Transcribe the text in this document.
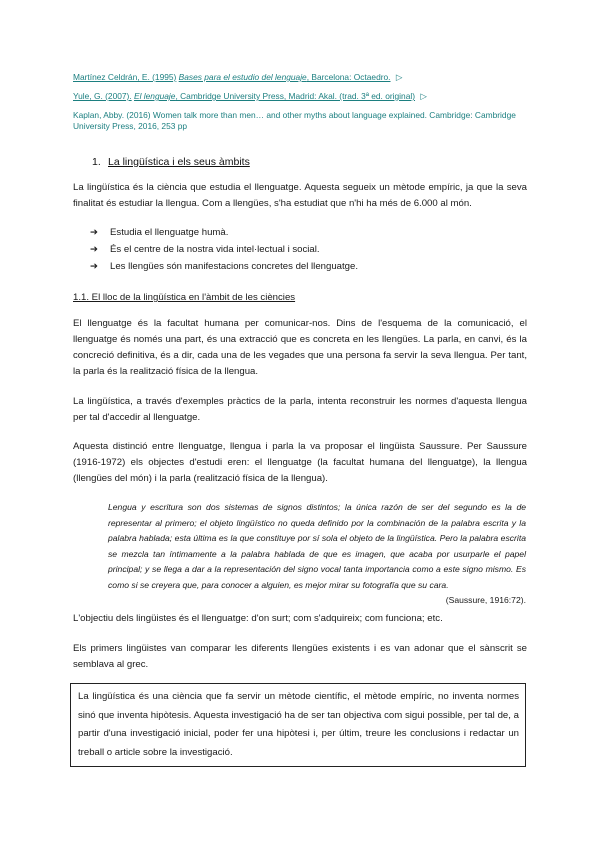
Martínez Celdrán, E. (1995) Bases para el estudio del lenguaje, Barcelona: Octaedro. ▷
Yule, G. (2007). El lenguaje, Cambridge University Press, Madrid: Akal. (trad. 3ª ed. original) ▷
Kaplan, Abby. (2016) Women talk more than men… and other myths about language explained. Cambridge: Cambridge University Press, 2016, 253 pp
1. La lingüística i els seus àmbits
La lingüística és la ciència que estudia el llenguatge. Aquesta segueix un mètode empíric, ja que la seva finalitat és estudiar la llengua. Com a llengües, s'ha estudiat que n'hi ha més de 6.000 al món.
➔	Estudia el llenguatge humà.
➔	És el centre de la nostra vida intel·lectual i social.
➔	Les llengües són manifestacions concretes del llenguatge.
1.1. El lloc de la lingüística en l'àmbit de les ciències
El llenguatge és la facultat humana per comunicar-nos. Dins de l'esquema de la comunicació, el llenguatge és només una part, és una extracció que es concreta en les llengües. La parla, en canvi, és la concreció definitiva, és a dir, cada una de les vegades que una persona fa servir la seva llengua. Per tant, la parla és la realització física de la llengua.
La lingüística, a través d'exemples pràctics de la parla, intenta reconstruir les normes d'aquesta llengua per tal d'accedir al llenguatge.
Aquesta distinció entre llenguatge, llengua i parla la va proposar el lingüista Saussure. Per Saussure (1916-1972) els objectes d'estudi eren: el llenguatge (la facultat humana del llenguatge), la llengua (llengües del món) i la parla (realització física de la llengua).
Lengua y escritura son dos sistemas de signos distintos; la única razón de ser del segundo es la de representar al primero; el objeto lingüístico no queda definido por la combinación de la palabra escrita y la palabra hablada; esta última es la que constituye por sí sola el objeto de la lingüística. Pero la palabra escrita se mezcla tan íntimamente a la palabra hablada de que es imagen, que acaba por usurparle el papel principal; y se llega a dar a la representación del signo vocal tanta importancia como a este signo mismo. Es como si se creyera que, para conocer a alguien, es mejor mirar su fotografía que su cara.
(Saussure, 1916:72).
L'objectiu dels lingüistes és el llenguatge: d'on surt; com s'adquireix; com funciona; etc.
Els primers lingüistes van comparar les diferents llengües existents i es van adonar que el sànscrit se semblava al grec.

La lingüística és una ciència que fa servir un mètode científic, el mètode empíric, no inventa normes sinó que inventa hipòtesis. Aquesta investigació ha de ser tan objectiva com sigui possible, per tal de, a partir d'una investigació inicial, poder fer una hipòtesi i, per últim, treure les conclusions i redactar un treball o article sobre la investigació.
